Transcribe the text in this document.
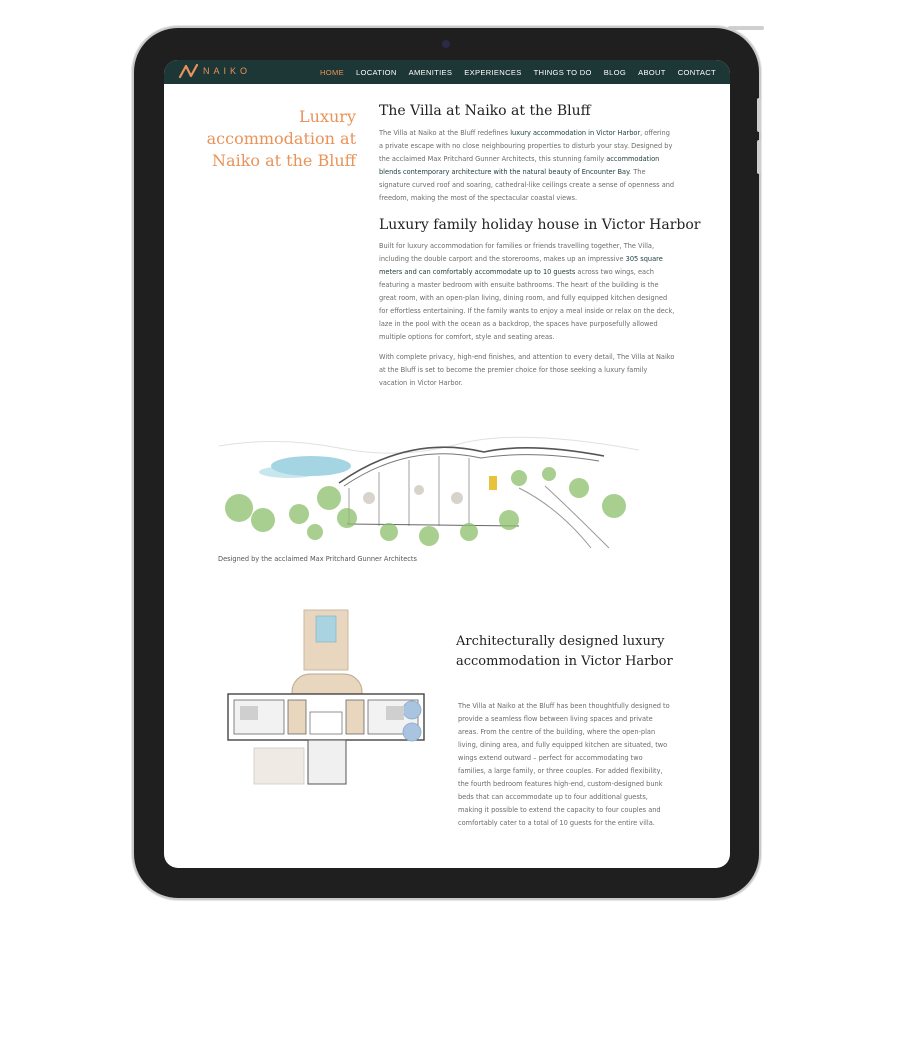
NAIKO	HOME LOCATION AMENITIES EXPERIENCES THINGS TO DO BLOG ABOUT CONTACT
Luxury accommodation at Naiko at the Bluff
The Villa at Naiko at the Bluff

The Villa at Naiko at the Bluff redefines luxury accommodation in Victor Harbor, offering a private escape with no close neighbouring properties to disturb your stay. Designed by the acclaimed Max Pritchard Gunner Architects, this stunning family accommodation blends contemporary architecture with the natural beauty of Encounter Bay. The signature curved roof and soaring, cathedral-like ceilings create a sense of openness and freedom, making the most of the spectacular coastal views.

Luxury family holiday house in Victor Harbor

Built for luxury accommodation for families or friends travelling together, The Villa, including the double carport and the storerooms, makes up an impressive 305 square meters and can comfortably accommodate up to 10 guests across two wings, each featuring a master bedroom with ensuite bathrooms. The heart of the building is the great room, with an open-plan living, dining room, and fully equipped kitchen designed for effortless entertaining. If the family wants to enjoy a meal inside or relax on the deck, laze in the pool with the ocean as a backdrop, the spaces have purposefully allowed multiple options for comfort, style and seating areas.

With complete privacy, high-end finishes, and attention to every detail, The Villa at Naiko at the Bluff is set to become the premier choice for those seeking a luxury family vacation in Victor Harbor.

Designed by the acclaimed Max Pritchard Gunner Architects
Architecturally designed luxury accommodation in Victor Harbor

The Villa at Naiko at the Bluff has been thoughtfully designed to provide a seamless flow between living spaces and private areas. From the centre of the building, where the open-plan living, dining area, and fully equipped kitchen are situated, two wings extend outward – perfect for accommodating two families, a large family, or three couples. For added flexibility, the fourth bedroom features high-end, custom-designed bunk beds that can accommodate up to four additional guests, making it possible to extend the capacity to four couples and comfortably cater to a total of 10 guests for the entire villa.
